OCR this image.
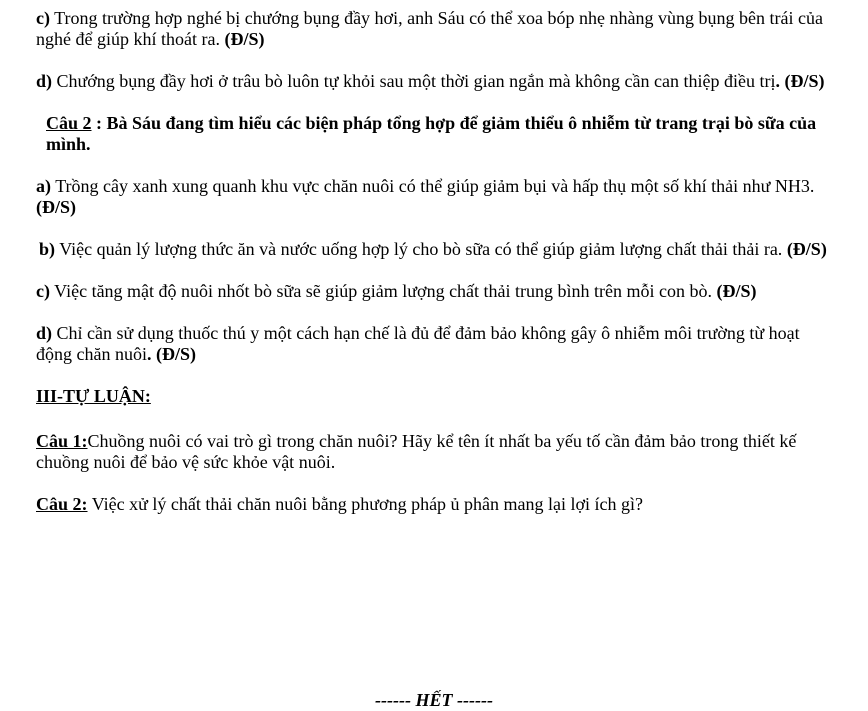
c) Trong trường hợp nghé bị chướng bụng đầy hơi, anh Sáu có thể xoa bóp nhẹ nhàng vùng bụng bên trái của nghé để giúp khí thoát ra. (Đ/S)

d) Chướng bụng đầy hơi ở trâu bò luôn tự khỏi sau một thời gian ngắn mà không cần can thiệp điều trị. (Đ/S)

Câu 2 : Bà Sáu đang tìm hiểu các biện pháp tổng hợp để giảm thiểu ô nhiễm từ trang trại bò sữa của mình.

a) Trồng cây xanh xung quanh khu vực chăn nuôi có thể giúp giảm bụi và hấp thụ một số khí thải như NH3. (Đ/S)

b) Việc quản lý lượng thức ăn và nước uống hợp lý cho bò sữa có thể giúp giảm lượng chất thải thải ra. (Đ/S)

c) Việc tăng mật độ nuôi nhốt bò sữa sẽ giúp giảm lượng chất thải trung bình trên mỗi con bò. (Đ/S)

d) Chỉ cần sử dụng thuốc thú y một cách hạn chế là đủ để đảm bảo không gây ô nhiễm môi trường từ hoạt động chăn nuôi. (Đ/S)

III-TỰ LUẬN:

Câu 1:Chuồng nuôi có vai trò gì trong chăn nuôi? Hãy kể tên ít nhất ba yếu tố cần đảm bảo trong thiết kế chuồng nuôi để bảo vệ sức khỏe vật nuôi.

Câu 2: Việc xử lý chất thải chăn nuôi bằng phương pháp ủ phân mang lại lợi ích gì?

------ HẾT ------
